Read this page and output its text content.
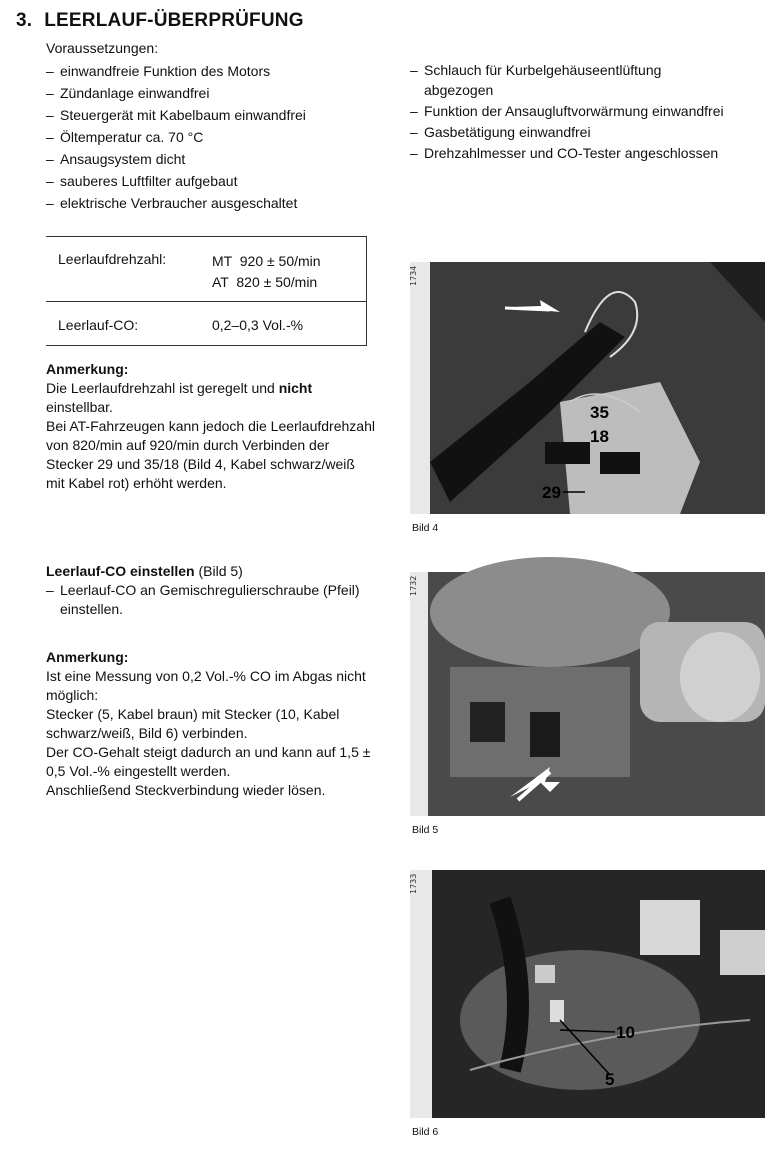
3. LEERLAUF-ÜBERPRÜFUNG
Voraussetzungen:
– einwandfreie Funktion des Motors
– Zündanlage einwandfrei
– Steuergerät mit Kabelbaum einwandfrei
– Öltemperatur ca. 70 °C
– Ansaugsystem dicht
– sauberes Luftfilter aufgebaut
– elektrische Verbraucher ausgeschaltet
– Schlauch für Kurbelgehäuseentlüftung abgezogen
– Funktion der Ansaugluftvorwärmung einwandfrei
– Gasbetätigung einwandfrei
– Drehzahlmesser und CO-Tester angeschlossen
Leerlaufdrehzahl:	MT  920 ± 50/min
AT  820 ± 50/min
Leerlauf-CO:	0,2–0,3 Vol.-%

Anmerkung:

Die Leerlaufdrehzahl ist geregelt und nicht einstellbar.

Bei AT-Fahrzeugen kann jedoch die Leerlaufdrehzahl von 820/min auf 920/min durch Verbinden der Stecker 29 und 35/18 (Bild 4, Kabel schwarz/weiß mit Kabel rot) erhöht werden.

Leerlauf-CO einstellen (Bild 5)

– Leerlauf-CO an Gemischregulierschraube (Pfeil) einstellen.

Anmerkung:

Ist eine Messung von 0,2 Vol.-% CO im Abgas nicht möglich:

Stecker (5, Kabel braun) mit Stecker (10, Kabel schwarz/weiß, Bild 6) verbinden.

Der CO-Gehalt steigt dadurch an und kann auf 1,5 ± 0,5 Vol.-% eingestellt werden.

Anschließend Steckverbindung wieder lösen.

1734
35
18
29
Bild 4
1732
Bild 5
1733
10
5
Bild 6
